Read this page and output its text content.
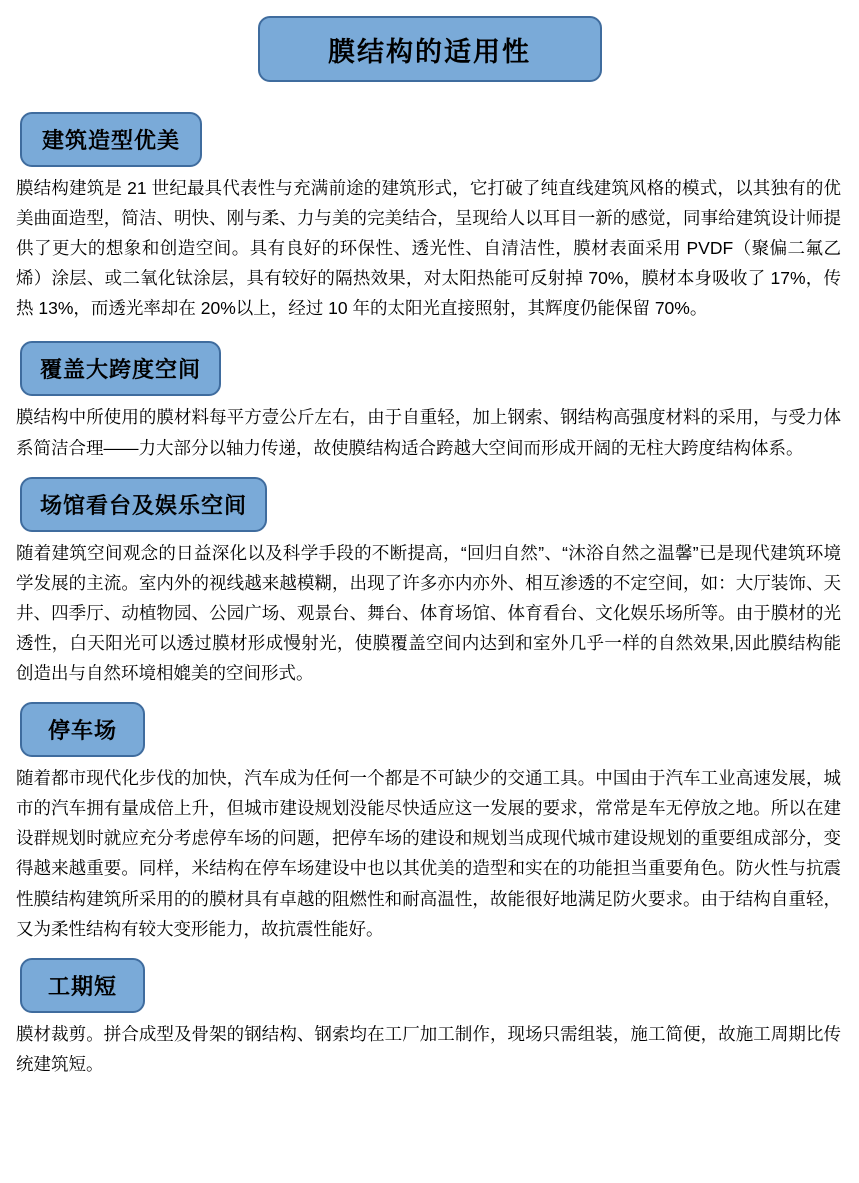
膜结构的适用性
建筑造型优美

膜结构建筑是 21 世纪最具代表性与充满前途的建筑形式，它打破了纯直线建筑风格的模式，以其独有的优美曲面造型，简洁、明快、刚与柔、力与美的完美结合，呈现给人以耳目一新的感觉，同事给建筑设计师提供了更大的想象和创造空间。具有良好的环保性、透光性、自清洁性，膜材表面采用 PVDF（聚偏二氟乙烯）涂层、或二氧化钛涂层，具有较好的隔热效果，对太阳热能可反射掉 70%，膜材本身吸收了 17%，传热 13%，而透光率却在 20%以上，经过 10 年的太阳光直接照射，其辉度仍能保留 70%。

覆盖大跨度空间

膜结构中所使用的膜材料每平方壹公斤左右，由于自重轻，加上钢索、钢结构高强度材料的采用，与受力体系简洁合理——力大部分以轴力传递，故使膜结构适合跨越大空间而形成开阔的无柱大跨度结构体系。

场馆看台及娱乐空间

随着建筑空间观念的日益深化以及科学手段的不断提高，“回归自然”、“沐浴自然之温馨”已是现代建筑环境学发展的主流。室内外的视线越来越模糊，出现了许多亦内亦外、相互渗透的不定空间，如：大厅装饰、天井、四季厅、动植物园、公园广场、观景台、舞台、体育场馆、体育看台、文化娱乐场所等。由于膜材的光透性，白天阳光可以透过膜材形成慢射光，使膜覆盖空间内达到和室外几乎一样的自然效果,因此膜结构能创造出与自然环境相媲美的空间形式。

停车场

随着都市现代化步伐的加快，汽车成为任何一个都是不可缺少的交通工具。中国由于汽车工业高速发展，城市的汽车拥有量成倍上升，但城市建设规划没能尽快适应这一发展的要求，常常是车无停放之地。所以在建设群规划时就应充分考虑停车场的问题，把停车场的建设和规划当成现代城市建设规划的重要组成部分，变得越来越重要。同样，米结构在停车场建设中也以其优美的造型和实在的功能担当重要角色。防火性与抗震性膜结构建筑所采用的的膜材具有卓越的阻燃性和耐高温性，故能很好地满足防火要求。由于结构自重轻，又为柔性结构有较大变形能力，故抗震性能好。

工期短

膜材裁剪。拼合成型及骨架的钢结构、钢索均在工厂加工制作，现场只需组装，施工简便，故施工周期比传统建筑短。
